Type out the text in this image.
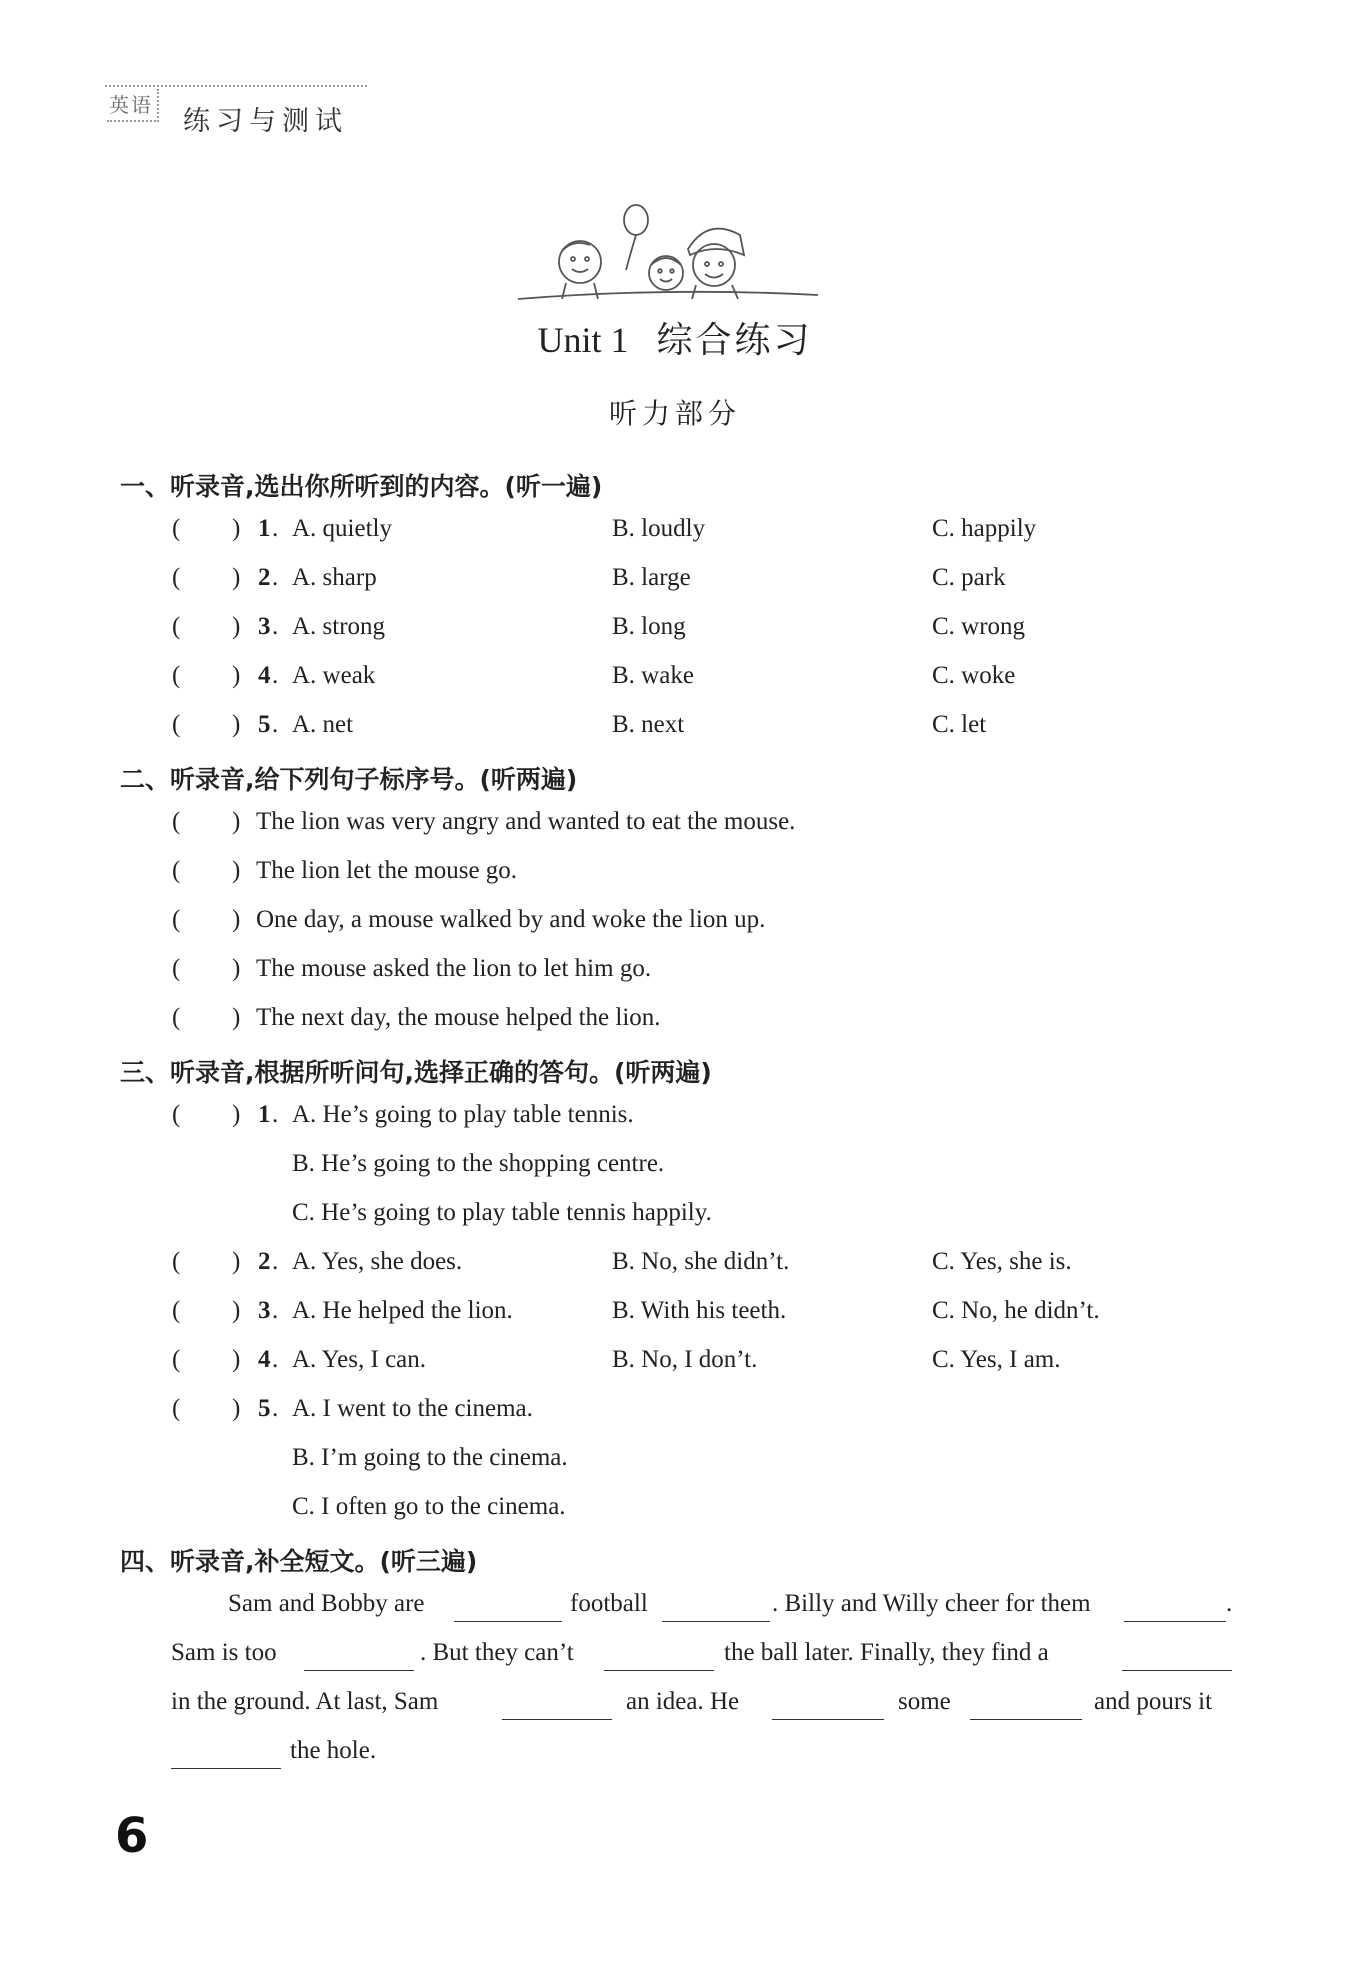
英语
练习与测试
Unit 1 综合练习
听力部分
一、听录音,选出你所听到的内容。(听一遍)
( ) 1 . A. quietly	B. loudly	C. happily
( ) 2 . A. sharp	B. large	C. park
( ) 3 . A. strong	B. long	C. wrong
( ) 4 . A. weak	B. wake	C. woke
( ) 5 . A. net	B. next	C. let
二、听录音,给下列句子标序号。(听两遍)
( ) The lion was very angry and wanted to eat the mouse.
( ) The lion let the mouse go.
( ) One day, a mouse walked by and woke the lion up.
( ) The mouse asked the lion to let him go.
( ) The next day, the mouse helped the lion.
三、听录音,根据所听问句,选择正确的答句。(听两遍)
( ) 1 . A. He’s going to play table tennis.
B. He’s going to the shopping centre.
C. He’s going to play table tennis happily.
( ) 2 . A. Yes, she does.	B. No, she didn’t.	C. Yes, she is.
( ) 3 . A. He helped the lion.	B. With his teeth.	C. No, he didn’t.
( ) 4 . A. Yes, I can.	B. No, I don’t.	C. Yes, I am.
( ) 5 . A. I went to the cinema.
B. I’m going to the cinema.
C. I often go to the cinema.
四、听录音,补全短文。(听三遍)
Sam and Bobby are	football	. Billy and Willy cheer for them	.
Sam is too	. But they can’t	the ball later. Finally, they find a
in the ground. At last, Sam	an idea. He	some	and pours it
the hole.
6
